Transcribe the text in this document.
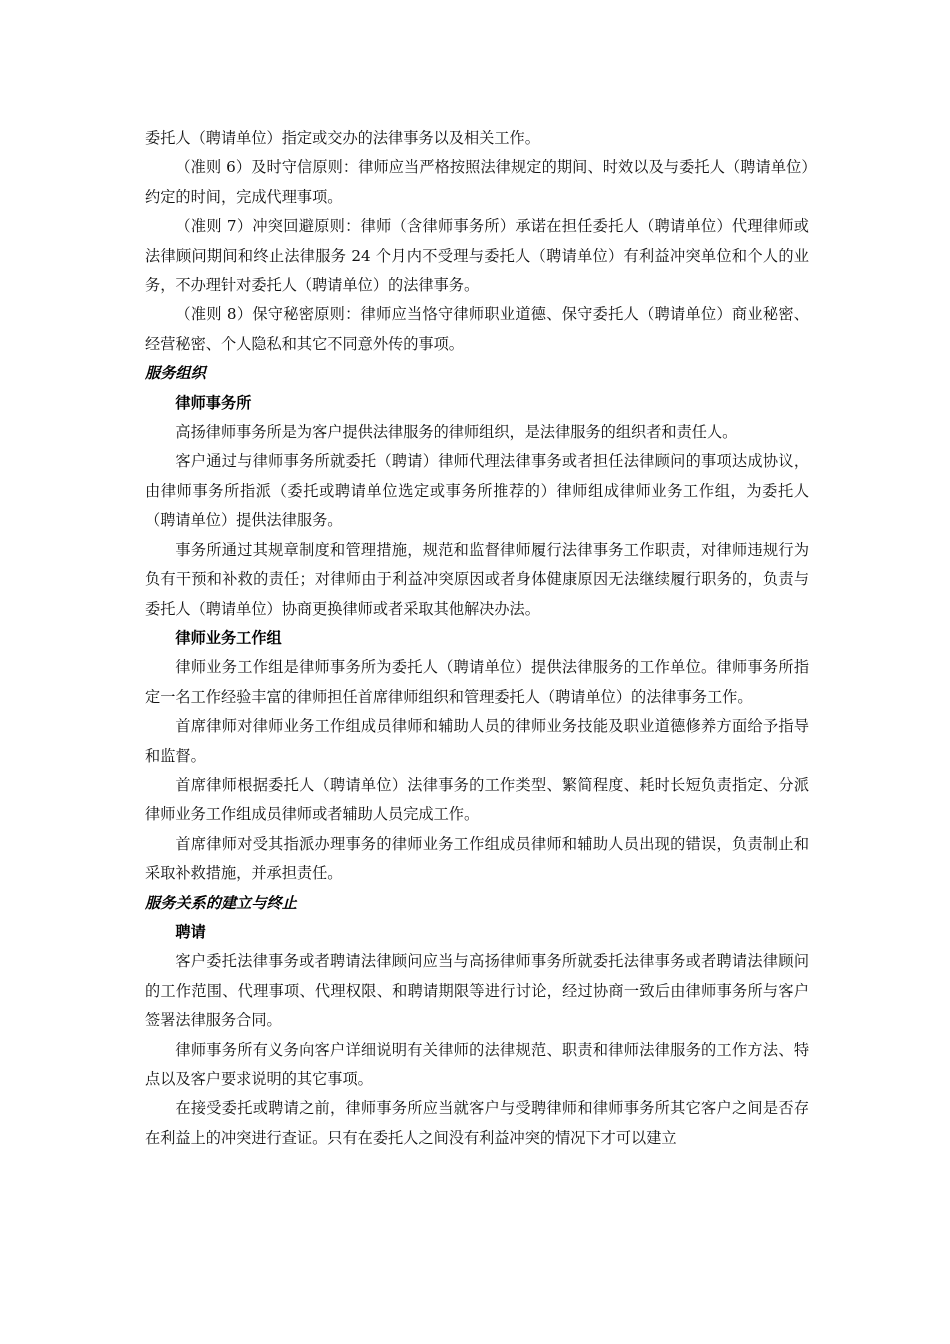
委托人（聘请单位）指定或交办的法律事务以及相关工作。

（准则 6）及时守信原则：律师应当严格按照法律规定的期间、时效以及与委托人（聘请单位）约定的时间，完成代理事项。

（准则 7）冲突回避原则：律师（含律师事务所）承诺在担任委托人（聘请单位）代理律师或法律顾问期间和终止法律服务 24 个月内不受理与委托人（聘请单位）有利益冲突单位和个人的业务，不办理针对委托人（聘请单位）的法律事务。

（准则 8）保守秘密原则：律师应当恪守律师职业道德、保守委托人（聘请单位）商业秘密、经营秘密、个人隐私和其它不同意外传的事项。

服务组织
律师事务所

高扬律师事务所是为客户提供法律服务的律师组织，是法律服务的组织者和责任人。

客户通过与律师事务所就委托（聘请）律师代理法律事务或者担任法律顾问的事项达成协议，由律师事务所指派（委托或聘请单位选定或事务所推荐的）律师组成律师业务工作组，为委托人（聘请单位）提供法律服务。

事务所通过其规章制度和管理措施，规范和监督律师履行法律事务工作职责，对律师违规行为负有干预和补救的责任；对律师由于利益冲突原因或者身体健康原因无法继续履行职务的，负责与委托人（聘请单位）协商更换律师或者采取其他解决办法。

律师业务工作组

律师业务工作组是律师事务所为委托人（聘请单位）提供法律服务的工作单位。律师事务所指定一名工作经验丰富的律师担任首席律师组织和管理委托人（聘请单位）的法律事务工作。

首席律师对律师业务工作组成员律师和辅助人员的律师业务技能及职业道德修养方面给予指导和监督。

首席律师根据委托人（聘请单位）法律事务的工作类型、繁简程度、耗时长短负责指定、分派律师业务工作组成员律师或者辅助人员完成工作。

首席律师对受其指派办理事务的律师业务工作组成员律师和辅助人员出现的错误，负责制止和采取补救措施，并承担责任。

服务关系的建立与终止
聘请

客户委托法律事务或者聘请法律顾问应当与高扬律师事务所就委托法律事务或者聘请法律顾问的工作范围、代理事项、代理权限、和聘请期限等进行讨论，经过协商一致后由律师事务所与客户签署法律服务合同。

律师事务所有义务向客户详细说明有关律师的法律规范、职责和律师法律服务的工作方法、特点以及客户要求说明的其它事项。

在接受委托或聘请之前，律师事务所应当就客户与受聘律师和律师事务所其它客户之间是否存在利益上的冲突进行查证。只有在委托人之间没有利益冲突的情况下才可以建立
